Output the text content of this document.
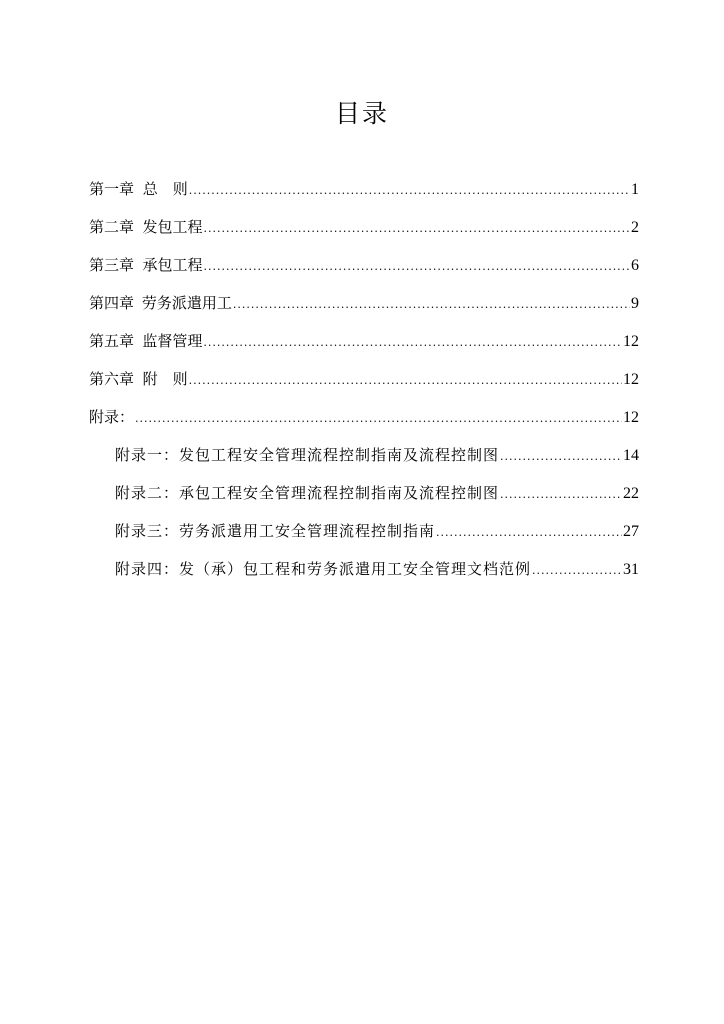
目录
第一章 总　则 .....	1
第二章 发包工程 .....	2
第三章 承包工程 .....	6
第四章 劳务派遣用工 .....	9
第五章 监督管理 .....	12
第六章 附　则 .....	12
附录： .....	12
附录一：发包工程安全管理流程控制指南及流程控制图 .....	14
附录二：承包工程安全管理流程控制指南及流程控制图 .....	22
附录三：劳务派遣用工安全管理流程控制指南 .....	27
附录四：发（承）包工程和劳务派遣用工安全管理文档范例 .....	31
